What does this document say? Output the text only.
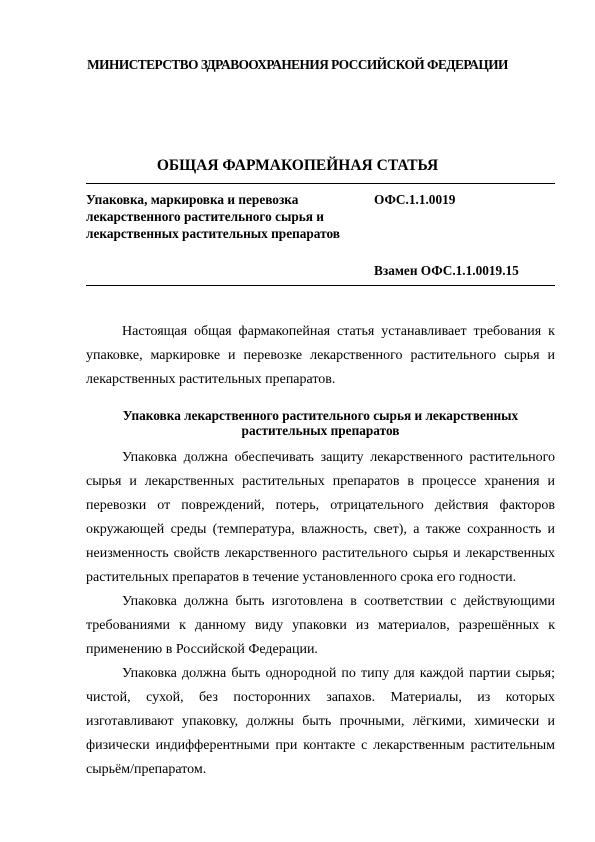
МИНИСТЕРСТВО ЗДРАВООХРАНЕНИЯ РОССИЙСКОЙ ФЕДЕРАЦИИ
ОБЩАЯ ФАРМАКОПЕЙНАЯ СТАТЬЯ
Упаковка, маркировка и перевозка лекарственного растительного сырья и лекарственных растительных препаратов
ОФС.1.1.0019
Взамен ОФС.1.1.0019.15
Настоящая общая фармакопейная статья устанавливает требования к упаковке, маркировке и перевозке лекарственного растительного сырья и лекарственных растительных препаратов.
Упаковка лекарственного растительного сырья и лекарственных растительных препаратов
Упаковка должна обеспечивать защиту лекарственного растительного сырья и лекарственных растительных препаратов в процессе хранения и перевозки от повреждений, потерь, отрицательного действия факторов окружающей среды (температура, влажность, свет), а также сохранность и неизменность свойств лекарственного растительного сырья и лекарственных растительных препаратов в течение установленного срока его годности.
Упаковка должна быть изготовлена в соответствии с действующими требованиями к данному виду упаковки из материалов, разрешённых к применению в Российской Федерации.
Упаковка должна быть однородной по типу для каждой партии сырья; чистой, сухой, без посторонних запахов. Материалы, из которых изготавливают упаковку, должны быть прочными, лёгкими, химически и физически индифферентными при контакте с лекарственным растительным сырьём/препаратом.
